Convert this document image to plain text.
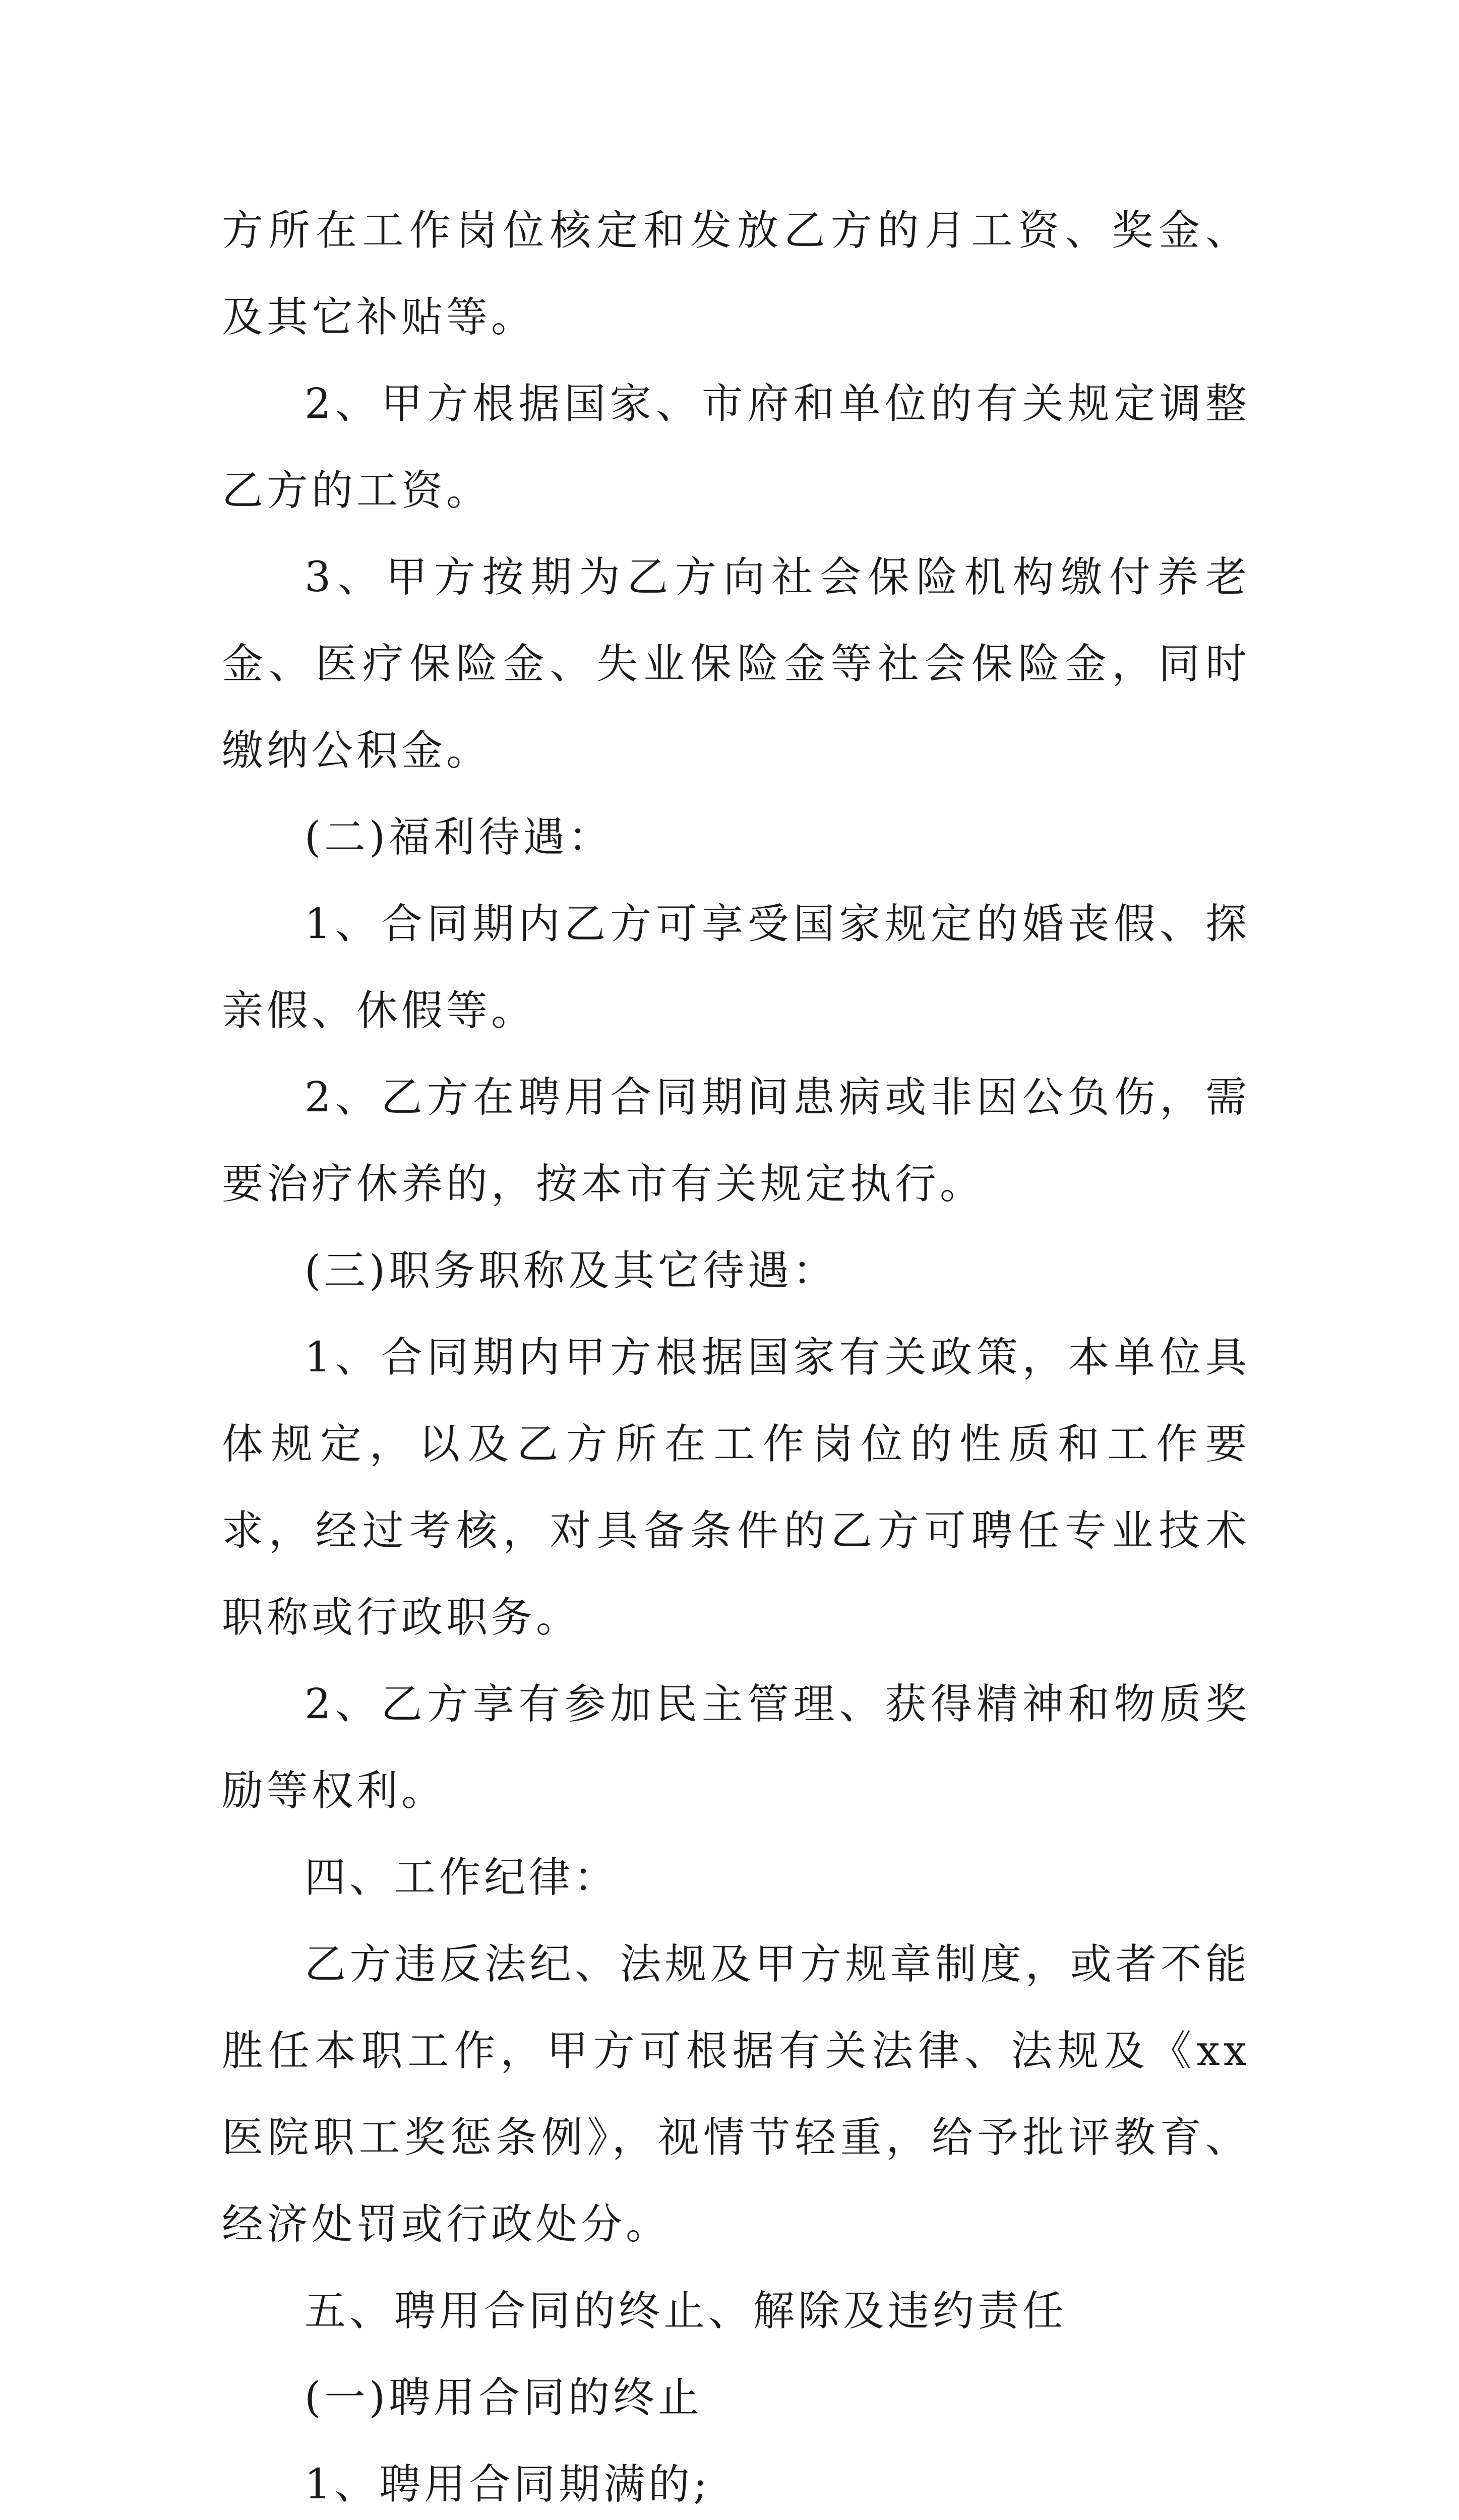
方所在工作岗位核定和发放乙方的月工资、奖金、及其它补贴等。

2、甲方根据国家、市府和单位的有关规定调整乙方的工资。

3、甲方按期为乙方向社会保险机构缴付养老金、医疗保险金、失业保险金等社会保险金，同时缴纳公积金。

(二)福利待遇：

1、合同期内乙方可享受国家规定的婚丧假、探亲假、休假等。

2、乙方在聘用合同期间患病或非因公负伤，需要治疗休养的，按本市有关规定执行。

(三)职务职称及其它待遇：

1、合同期内甲方根据国家有关政策，本单位具体规定，以及乙方所在工作岗位的性质和工作要求，经过考核，对具备条件的乙方可聘任专业技术职称或行政职务。

2、乙方享有参加民主管理、获得精神和物质奖励等权利。

四、工作纪律：

乙方违反法纪、法规及甲方规章制度，或者不能胜任本职工作，甲方可根据有关法律、法规及《xx 医院职工奖惩条例》，视情节轻重，给予批评教育、经济处罚或行政处分。

五、聘用合同的终止、解除及违约责任

(一)聘用合同的终止

1、聘用合同期满的;
